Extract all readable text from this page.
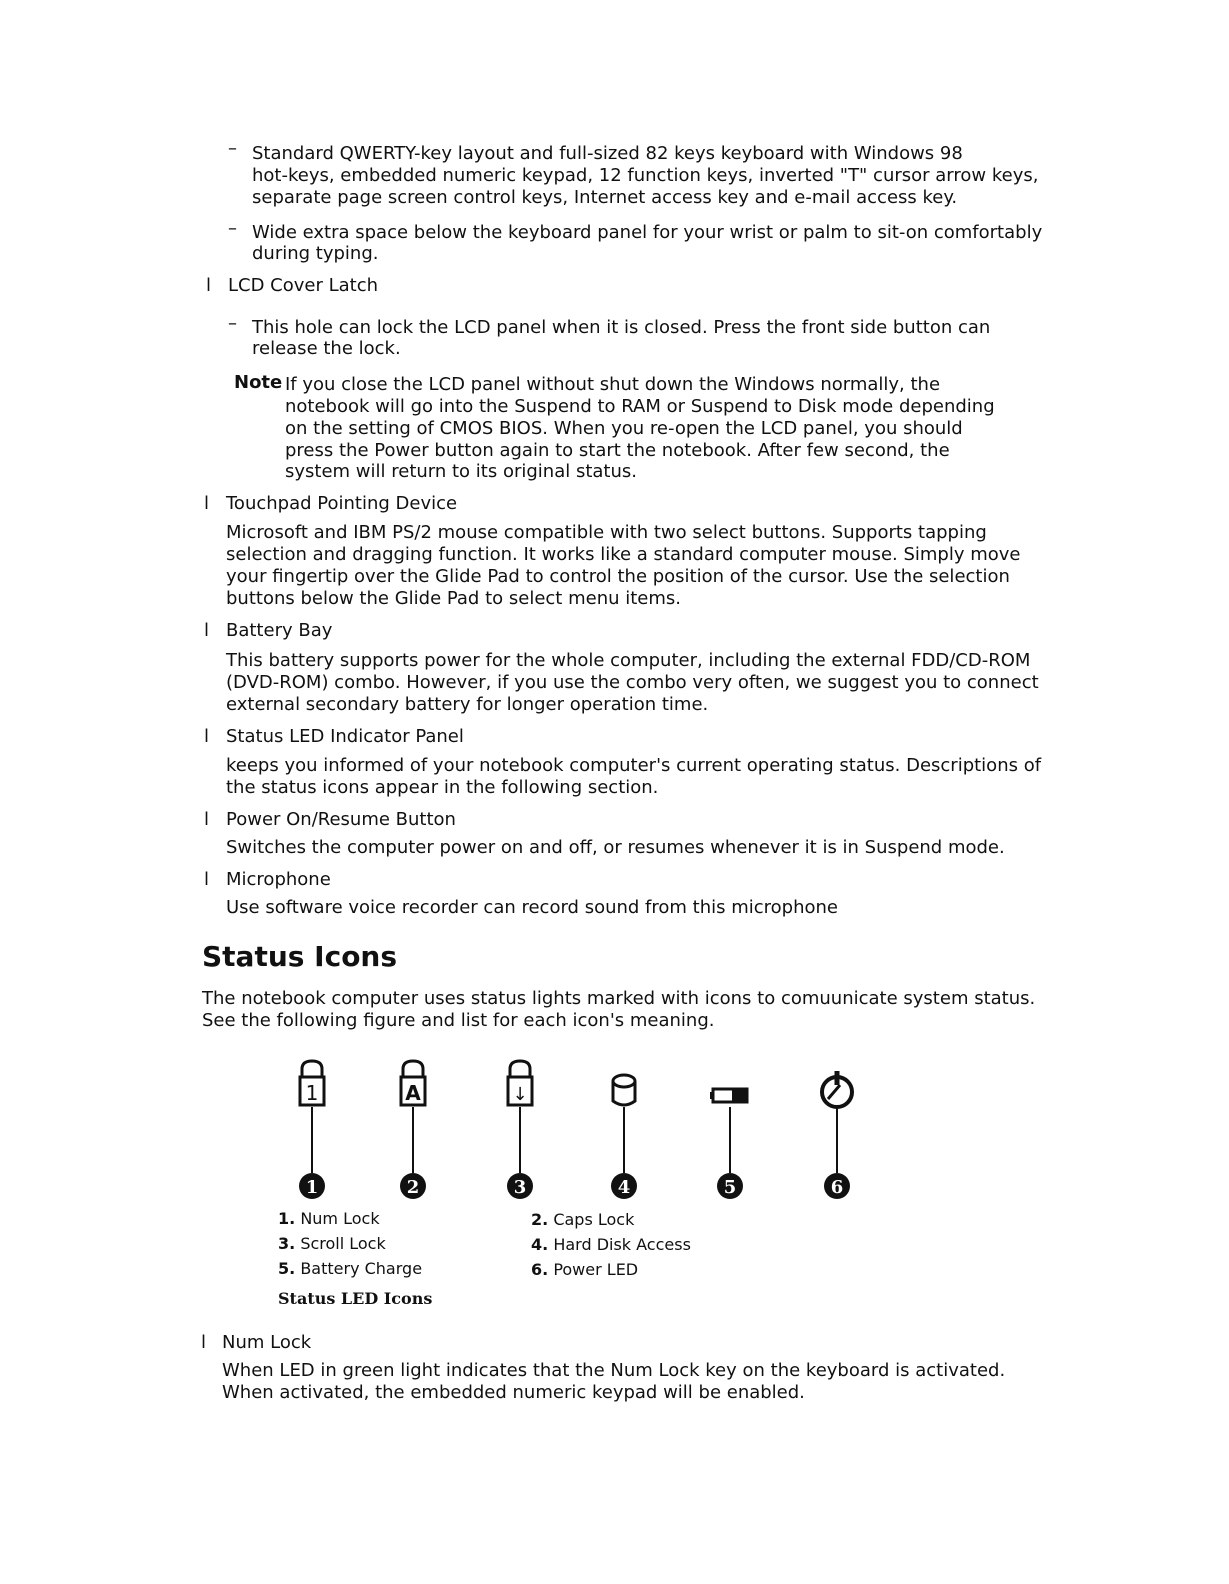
– Standard QWERTY-key layout and full-sized 82 keys keyboard with Windows 98
hot-keys, embedded numeric keypad, 12 function keys, inverted "T" cursor arrow keys,
separate page screen control keys, Internet access key and e-mail access key.
– Wide extra space below the keyboard panel for your wrist or palm to sit-on comfortably
during typing.
l LCD Cover Latch
– This hole can lock the LCD panel when it is closed. Press the front side button can
release the lock.
Note If you close the LCD panel without shut down the Windows normally, the
notebook will go into the Suspend to RAM or Suspend to Disk mode depending
on the setting of CMOS BIOS. When you re-open the LCD panel, you should
press the Power button again to start the notebook. After few second, the
system will return to its original status.
l Touchpad Pointing Device
Microsoft and IBM PS/2 mouse compatible with two select buttons. Supports tapping
selection and dragging function. It works like a standard computer mouse. Simply move
your fingertip over the Glide Pad to control the position of the cursor. Use the selection
buttons below the Glide Pad to select menu items.
l Battery Bay
This battery supports power for the whole computer, including the external FDD/CD-ROM
(DVD-ROM) combo. However, if you use the combo very often, we suggest you to connect
external secondary battery for longer operation time.
l Status LED Indicator Panel
keeps you informed of your notebook computer's current operating status. Descriptions of
the status icons appear in the following section.
l Power On/Resume Button
Switches the computer power on and off, or resumes whenever it is in Suspend mode.
l Microphone
Use software voice recorder can record sound from this microphone
Status Icons
The notebook computer uses status lights marked with icons to comuunicate system status.
See the following figure and list for each icon's meaning.
1	A	↓
1	2	3	4	5	6
1. Num Lock	2. Caps Lock
3. Scroll Lock	4. Hard Disk Access
5. Battery Charge	6. Power LED
Status LED Icons
l Num Lock
When LED in green light indicates that the Num Lock key on the keyboard is activated.
When activated, the embedded numeric keypad will be enabled.
